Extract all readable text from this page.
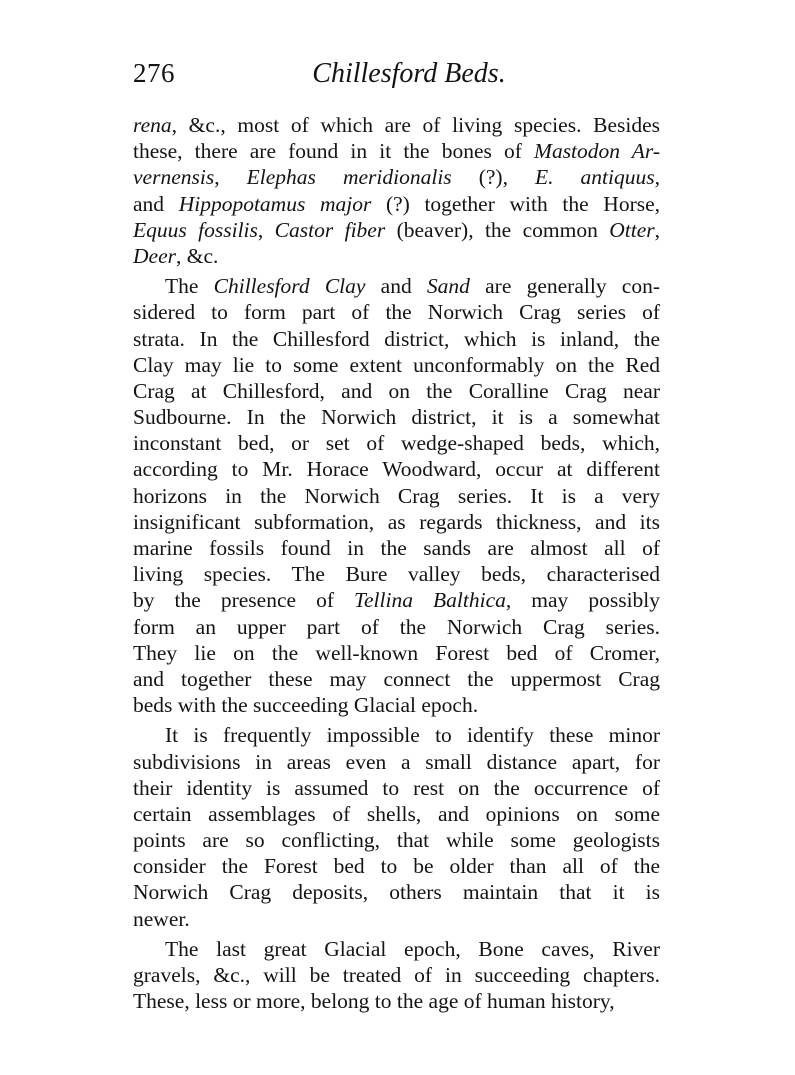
276	Chillesford Beds.
rena, &c., most of which are of living species. Besides
these, there are found in it the bones of Mastodon Ar-
vernensis, Elephas meridionalis (?), E. antiquus,
and Hippopotamus major (?) together with the Horse,
Equus fossilis, Castor fiber (beaver), the common Otter,
Deer, &c.
The Chillesford Clay and Sand are generally con-
sidered to form part of the Norwich Crag series of
strata. In the Chillesford district, which is inland, the
Clay may lie to some extent unconformably on the Red
Crag at Chillesford, and on the Coralline Crag near
Sudbourne. In the Norwich district, it is a somewhat
inconstant bed, or set of wedge-shaped beds, which,
according to Mr. Horace Woodward, occur at different
horizons in the Norwich Crag series. It is a very
insignificant subformation, as regards thickness, and its
marine fossils found in the sands are almost all of
living species. The Bure valley beds, characterised
by the presence of Tellina Balthica, may possibly
form an upper part of the Norwich Crag series.
They lie on the well-known Forest bed of Cromer,
and together these may connect the uppermost Crag
beds with the succeeding Glacial epoch.
It is frequently impossible to identify these minor
subdivisions in areas even a small distance apart, for
their identity is assumed to rest on the occurrence of
certain assemblages of shells, and opinions on some
points are so conflicting, that while some geologists
consider the Forest bed to be older than all of the
Norwich Crag deposits, others maintain that it is
newer.
The last great Glacial epoch, Bone caves, River
gravels, &c., will be treated of in succeeding chapters.
These, less or more, belong to the age of human history,
